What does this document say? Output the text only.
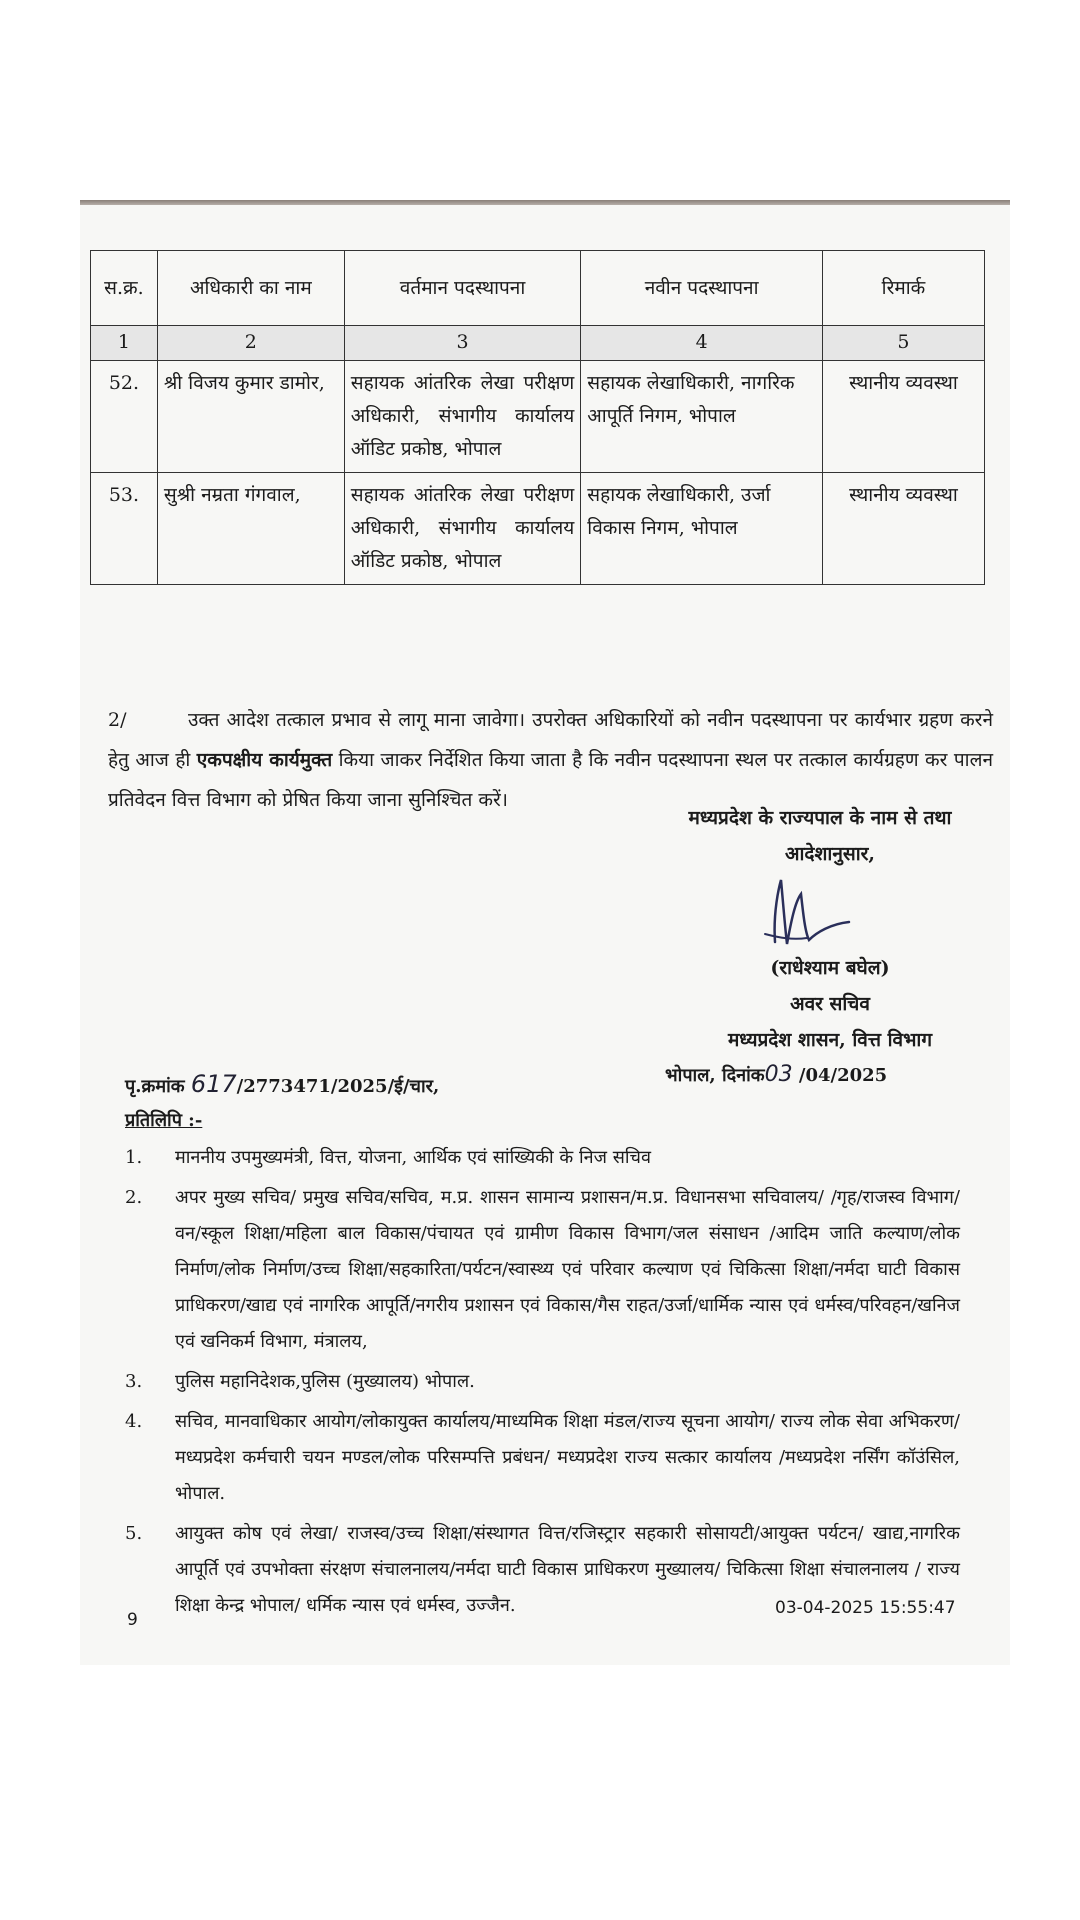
स.क्र.	अधिकारी का नाम	वर्तमान पदस्थापना	नवीन पदस्थापना	रिमार्क
1	2	3	4	5
52.	श्री विजय कुमार डामोर,	सहायक आंतरिक लेखा परीक्षण अधिकारी, संभागीय कार्यालय ऑडिट प्रकोष्ठ, भोपाल	सहायक लेखाधिकारी, नागरिक आपूर्ति निगम, भोपाल	स्थानीय व्यवस्था
53.	सुश्री नम्रता गंगवाल,	सहायक आंतरिक लेखा परीक्षण अधिकारी, संभागीय कार्यालय ऑडिट प्रकोष्ठ, भोपाल	सहायक लेखाधिकारी, उर्जा विकास निगम, भोपाल	स्थानीय व्यवस्था
2/	उक्त आदेश तत्काल प्रभाव से लागू माना जावेगा। उपरोक्त अधिकारियों को नवीन पदस्थापना पर कार्यभार ग्रहण करने हेतु आज ही एकपक्षीय कार्यमुक्त किया जाकर निर्देशित किया जाता है कि नवीन पदस्थापना स्थल पर तत्काल कार्यग्रहण कर पालन प्रतिवेदन वित्त विभाग को प्रेषित किया जाना सुनिश्चित करें।
मध्यप्रदेश के राज्यपाल के नाम से तथा
आदेशानुसार,
(राधेश्याम बघेल)
अवर सचिव
मध्यप्रदेश शासन, वित्त विभाग
पृ.क्रमांक 617/2773471/2025/ई/चार,
भोपाल, दिनांक03 /04/2025
प्रतिलिपि :-
1.	माननीय उपमुख्यमंत्री, वित्त, योजना, आर्थिक एवं सांख्यिकी के निज सचिव
2.	अपर मुख्य सचिव/ प्रमुख सचिव/सचिव, म.प्र. शासन सामान्य प्रशासन/म.प्र. विधानसभा सचिवालय/ /गृह/राजस्व विभाग/वन/स्कूल शिक्षा/महिला बाल विकास/पंचायत एवं ग्रामीण विकास विभाग/जल संसाधन /आदिम जाति कल्याण/लोक निर्माण/लोक निर्माण/उच्च शिक्षा/सहकारिता/पर्यटन/स्वास्थ्य एवं परिवार कल्याण एवं चिकित्सा शिक्षा/नर्मदा घाटी विकास प्राधिकरण/खाद्य एवं नागरिक आपूर्ति/नगरीय प्रशासन एवं विकास/गैस राहत/उर्जा/धार्मिक न्यास एवं धर्मस्व/परिवहन/खनिज एवं खनिकर्म विभाग, मंत्रालय,
3.	पुलिस महानिदेशक,पुलिस (मुख्यालय) भोपाल.
4.	सचिव, मानवाधिकार आयोग/लोकायुक्त कार्यालय/माध्यमिक शिक्षा मंडल/राज्य सूचना आयोग/ राज्य लोक सेवा अभिकरण/मध्यप्रदेश कर्मचारी चयन मण्डल/लोक परिसम्पत्ति प्रबंधन/ मध्यप्रदेश राज्य सत्कार कार्यालय /मध्यप्रदेश नर्सिंग कॉउंसिल, भोपाल.
5.	आयुक्त कोष एवं लेखा/ राजस्व/उच्च शिक्षा/संस्थागत वित्त/रजिस्ट्रार सहकारी सोसायटी/आयुक्त पर्यटन/ खाद्य,नागरिक आपूर्ति एवं उपभोक्ता संरक्षण संचालनालय/नर्मदा घाटी विकास प्राधिकरण मुख्यालय/ चिकित्सा शिक्षा संचालनालय / राज्य शिक्षा केन्द्र भोपाल/ धर्मिक न्यास एवं धर्मस्व, उज्जैन.
9
03-04-2025 15:55:47
